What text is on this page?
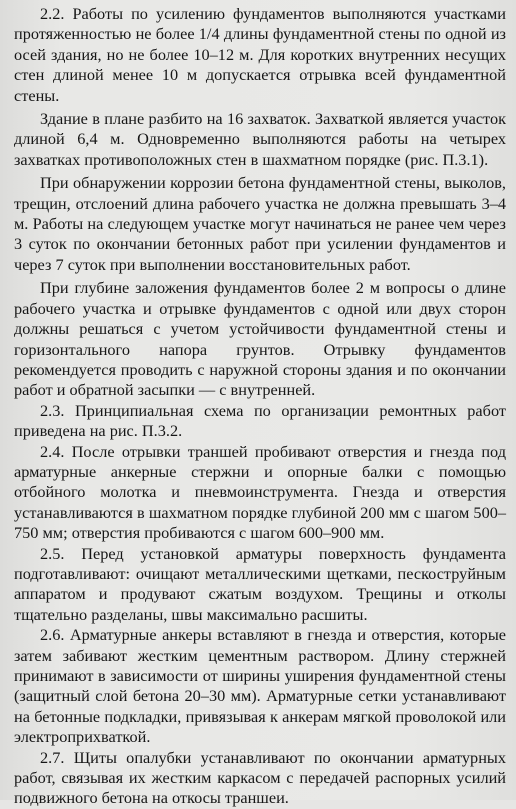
2.2. Работы по усилению фундаментов выполняются участками протяженностью не более 1/4 длины фундаментной стены по одной из осей здания, но не более 10–12 м. Для коротких внутренних несущих стен длиной менее 10 м допускается отрывка всей фундаментной стены.

Здание в плане разбито на 16 захваток. Захваткой является участок длиной 6,4 м. Одновременно выполняются работы на четырех захватках противоположных стен в шахматном порядке (рис. П.3.1).

При обнаружении коррозии бетона фундаментной стены, выколов, трещин, отслоений длина рабочего участка не должна превышать 3–4 м. Работы на следующем участке могут начинаться не ранее чем через 3 суток по окончании бетонных работ при усилении фундаментов и через 7 суток при выполнении восстановительных работ.

При глубине заложения фундаментов более 2 м вопросы о длине рабочего участка и отрывке фундаментов с одной или двух сторон должны решаться с учетом устойчивости фундаментной стены и горизонтального напора грунтов. Отрывку фундаментов рекомендуется проводить с наружной стороны здания и по окончании работ и обратной засыпки — с внутренней.

2.3. Принципиальная схема по организации ремонтных работ приведена на рис. П.3.2.

2.4. После отрывки траншей пробивают отверстия и гнезда под арматурные анкерные стержни и опорные балки с помощью отбойного молотка и пневмоинструмента. Гнезда и отверстия устанавливаются в шахматном порядке глубиной 200 мм с шагом 500–750 мм; отверстия пробиваются с шагом 600–900 мм.

2.5. Перед установкой арматуры поверхность фундамента подготавливают: очищают металлическими щетками, пескоструйным аппаратом и продувают сжатым воздухом. Трещины и отколы тщательно разделаны, швы максимально расшиты.

2.6. Арматурные анкеры вставляют в гнезда и отверстия, которые затем забивают жестким цементным раствором. Длину стержней принимают в зависимости от ширины уширения фундаментной стены (защитный слой бетона 20–30 мм). Арматурные сетки устанавливают на бетонные подкладки, привязывая к анкерам мягкой проволокой или электроприхваткой.

2.7. Щиты опалубки устанавливают по окончании арматурных работ, связывая их жестким каркасом с передачей распорных усилий подвижного бетона на откосы траншеи.
